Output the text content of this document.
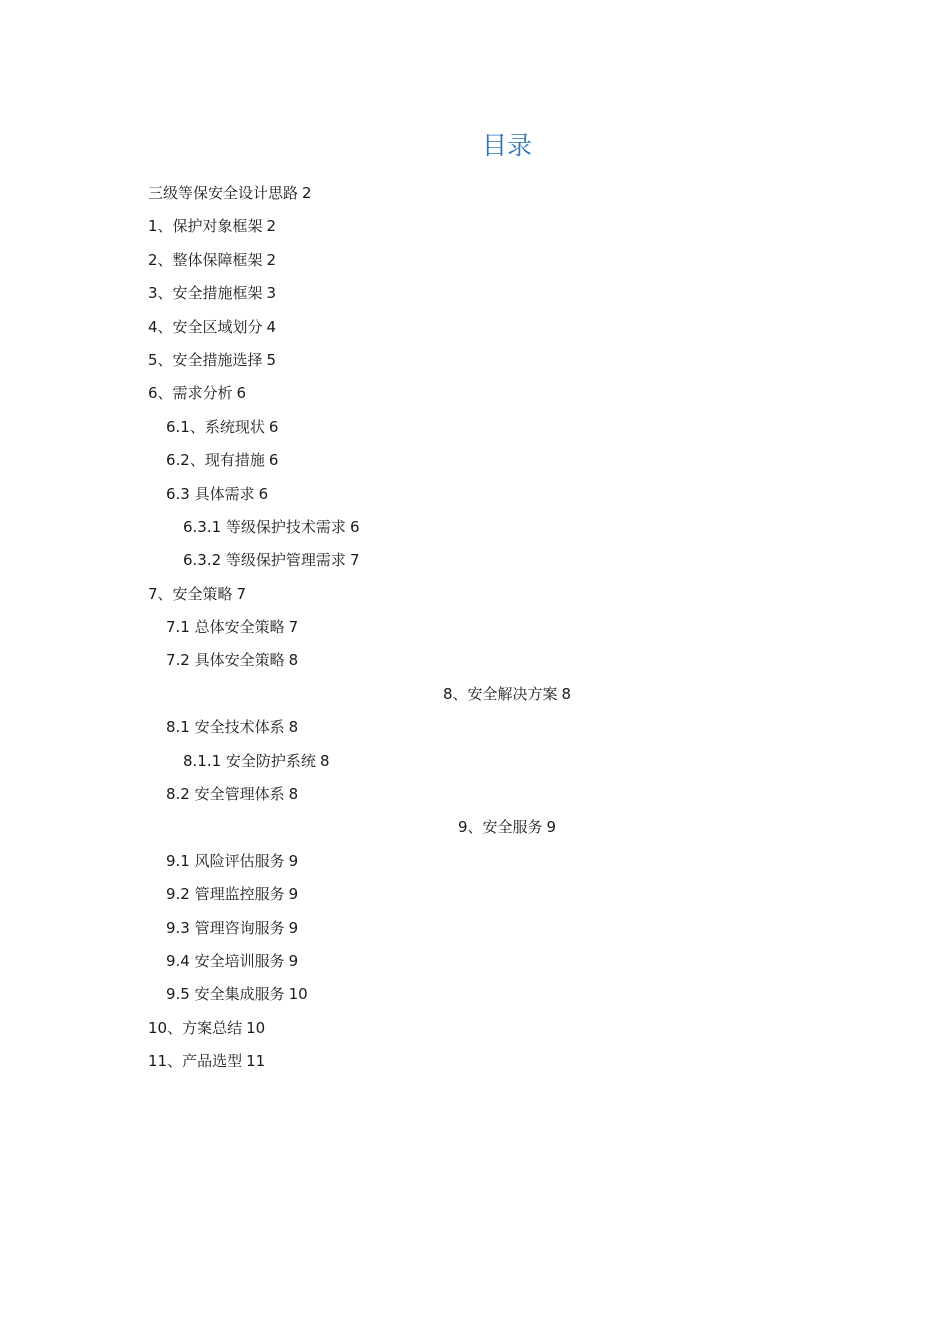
目录
三级等保安全设计思路 2
1、保护对象框架 2
2、整体保障框架 2
3、安全措施框架 3
4、安全区域划分 4
5、安全措施选择 5
6、需求分析 6
6.1、系统现状 6
6.2、现有措施 6
6.3 具体需求 6
6.3.1 等级保护技术需求 6
6.3.2 等级保护管理需求 7
7、安全策略 7
7.1 总体安全策略 7
7.2 具体安全策略 8
8、安全解决方案 8
8.1 安全技术体系 8
8.1.1 安全防护系统 8
8.2 安全管理体系 8
9、安全服务 9
9.1 风险评估服务 9
9.2 管理监控服务 9
9.3 管理咨询服务 9
9.4 安全培训服务 9
9.5 安全集成服务 10
10、方案总结 10
11、产品选型 11
